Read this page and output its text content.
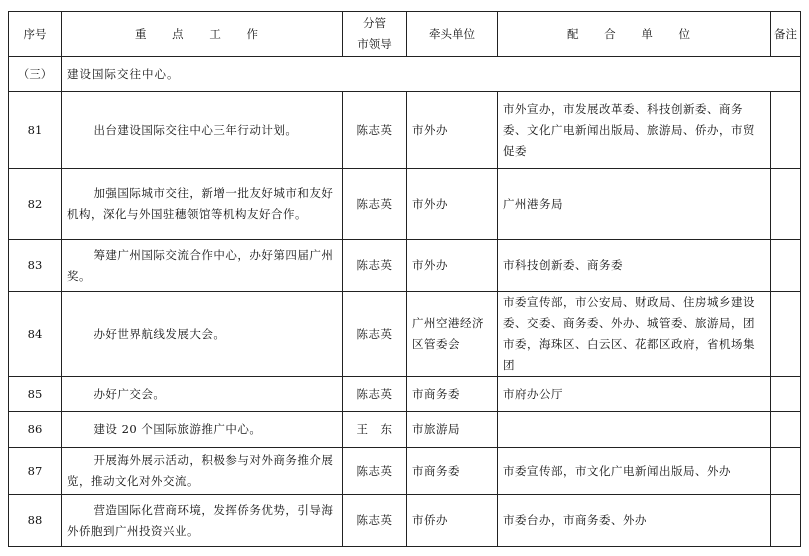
序号	重 点 工 作	分管
市领导	牵头单位	配 合 单 位	备注
（三）	建设国际交往中心。				
81	出台建设国际交往中心三年行动计划。	陈志英	市外办	市外宣办，市发展改革委、科技创新委、商务委、文化广电新闻出版局、旅游局、侨办，市贸促委	
82	加强国际城市交往，新增一批友好城市和友好机构，深化与外国驻穗领馆等机构友好合作。	陈志英	市外办	广州港务局	
83	筹建广州国际交流合作中心，办好第四届广州奖。	陈志英	市外办	市科技创新委、商务委	
84	办好世界航线发展大会。	陈志英	广州空港经济区管委会	市委宣传部，市公安局、财政局、住房城乡建设委、交委、商务委、外办、城管委、旅游局，团市委，海珠区、白云区、花都区政府，省机场集团	
85	办好广交会。	陈志英	市商务委	市府办公厅	
86	建设 20 个国际旅游推广中心。	王　东	市旅游局		
87	开展海外展示活动，积极参与对外商务推介展览，推动文化对外交流。	陈志英	市商务委	市委宣传部，市文化广电新闻出版局、外办	
88	营造国际化营商环境，发挥侨务优势，引导海外侨胞到广州投资兴业。	陈志英	市侨办	市委台办，市商务委、外办	
